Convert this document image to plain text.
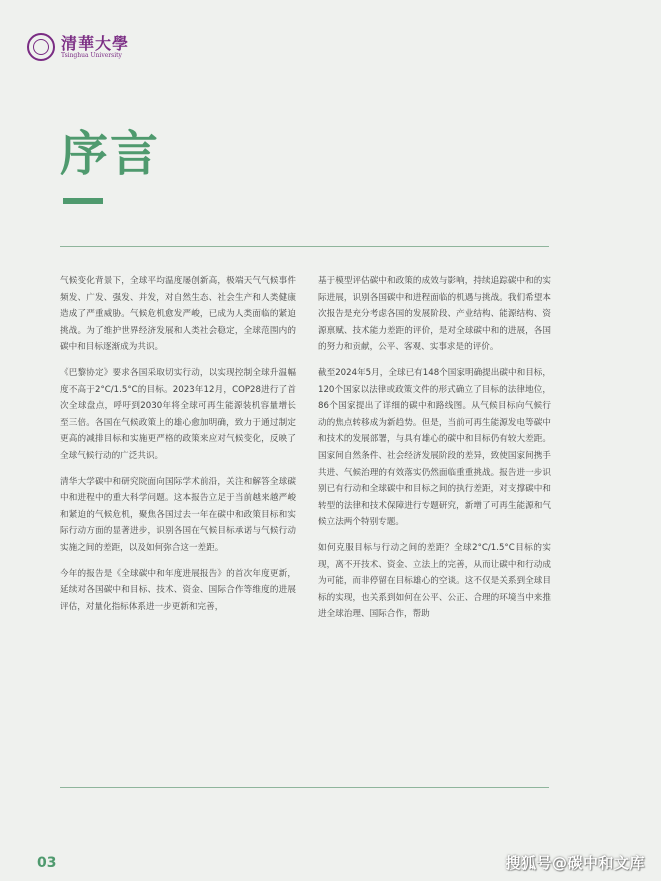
清華大學
Tsinghua University
序言

气候变化背景下，全球平均温度屡创新高，极端天气气候事件频发、广发、强发、并发，对自然生态、社会生产和人类健康造成了严重威胁。气候危机愈发严峻，已成为人类面临的紧迫挑战。为了维护世界经济发展和人类社会稳定，全球范围内的碳中和目标逐渐成为共识。

《巴黎协定》要求各国采取切实行动，以实现控制全球升温幅度不高于2°C/1.5°C的目标。2023年12月，COP28进行了首次全球盘点，呼吁到2030年将全球可再生能源装机容量增长至三倍。各国在气候政策上的雄心愈加明确，致力于通过制定更高的减排目标和实施更严格的政策来应对气候变化，反映了全球气候行动的广泛共识。

清华大学碳中和研究院面向国际学术前沿，关注和解答全球碳中和进程中的重大科学问题。这本报告立足于当前越来越严峻和紧迫的气候危机，聚焦各国过去一年在碳中和政策目标和实际行动方面的显著进步，识别各国在气候目标承诺与气候行动实施之间的差距，以及如何弥合这一差距。

今年的报告是《全球碳中和年度进展报告》的首次年度更新，延续对各国碳中和目标、技术、资金、国际合作等维度的进展评估，对量化指标体系进一步更新和完善，

基于模型评估碳中和政策的成效与影响，持续追踪碳中和的实际进展，识别各国碳中和进程面临的机遇与挑战。我们希望本次报告是充分考虑各国的发展阶段、产业结构、能源结构、资源禀赋、技术能力差距的评价，是对全球碳中和的进展，各国的努力和贡献，公平、客观、实事求是的评价。

截至2024年5月，全球已有148个国家明确提出碳中和目标，120个国家以法律或政策文件的形式确立了目标的法律地位，86个国家提出了详细的碳中和路线图。从气候目标向气候行动的焦点转移成为新趋势。但是，当前可再生能源发电等碳中和技术的发展部署，与具有雄心的碳中和目标仍有较大差距。国家间自然条件、社会经济发展阶段的差异，致使国家间携手共进、气候治理的有效落实仍然面临重重挑战。报告进一步识别已有行动和全球碳中和目标之间的执行差距，对支撑碳中和转型的法律和技术保障进行专题研究，新增了可再生能源和气候立法两个特别专题。

如何克服目标与行动之间的差距？全球2°C/1.5°C目标的实现，离不开技术、资金、立法上的完善，从而让碳中和行动成为可能，而非停留在目标雄心的空谈。这不仅是关系到全球目标的实现，也关系到如何在公平、公正、合理的环境当中来推进全球治理、国际合作，帮助

03	搜狐号@碳中和文库
